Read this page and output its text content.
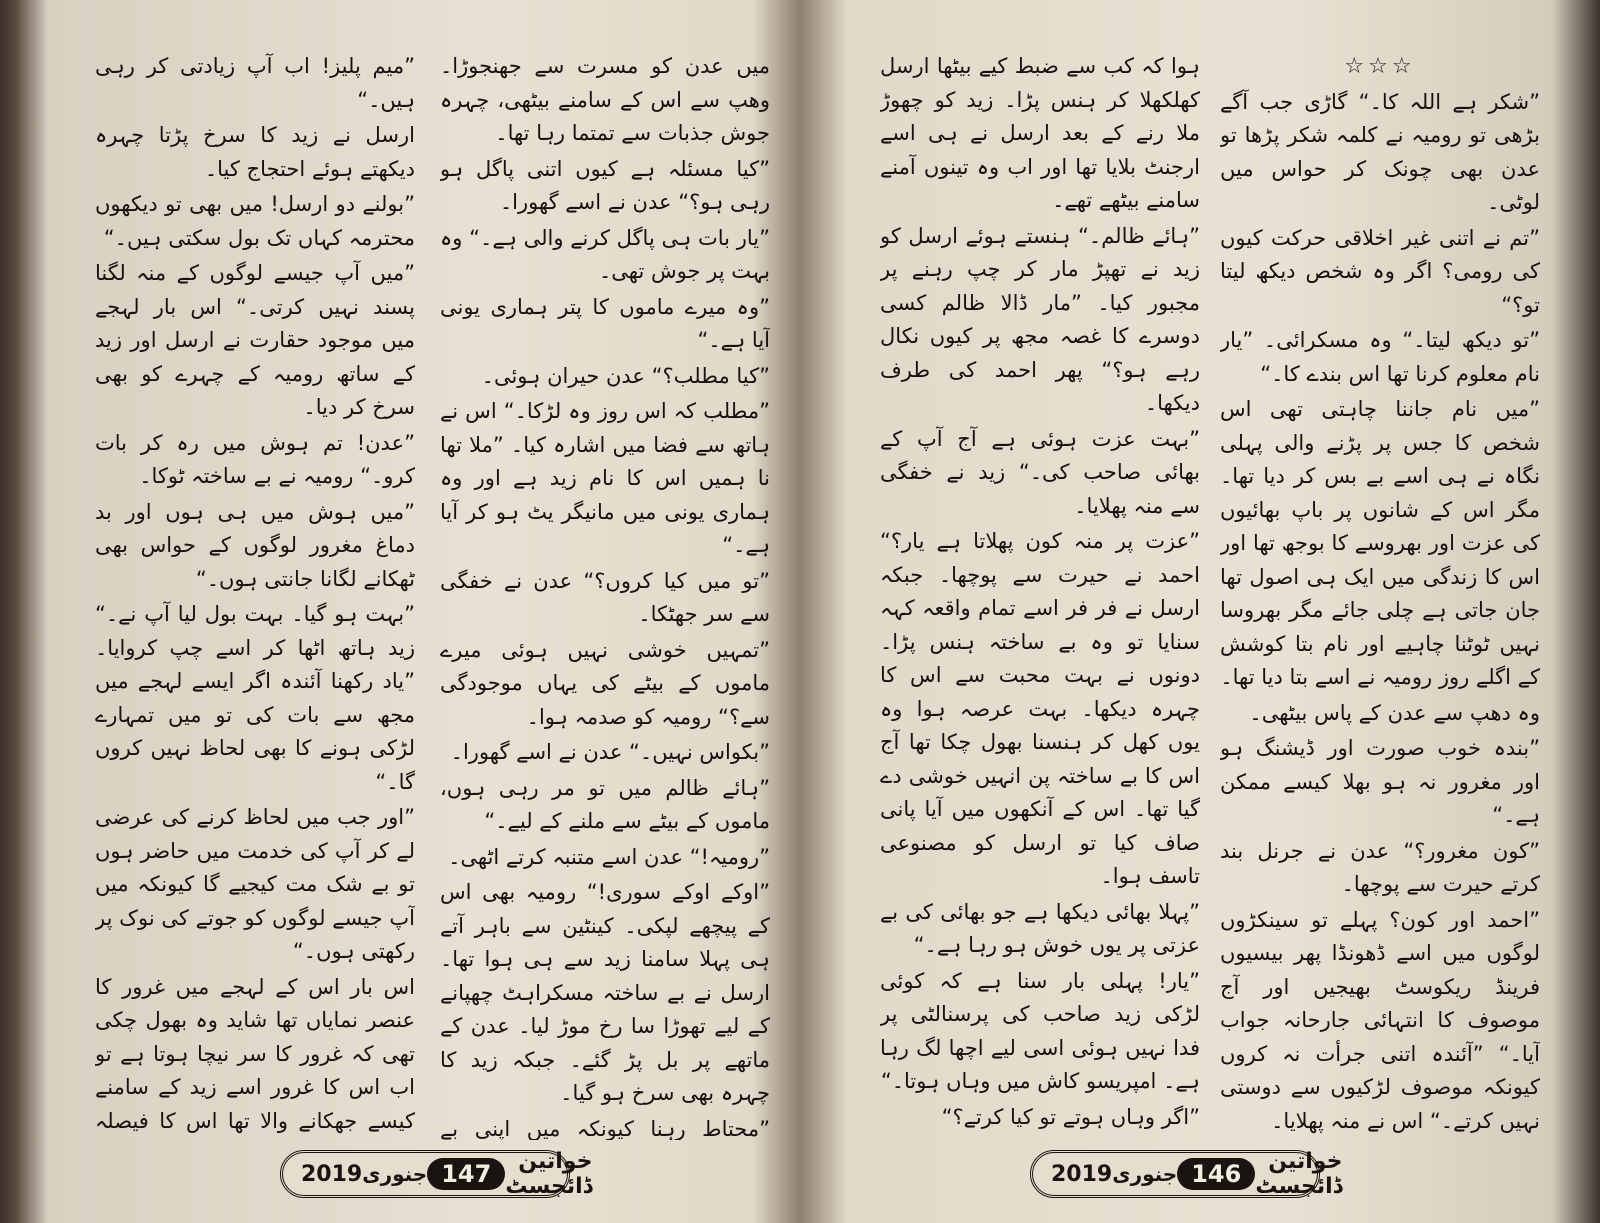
میں عدن کو مسرت سے جھنجوڑا۔ وھپ سے اس کے سامنے بیٹھی، چہرہ جوش جذبات سے تمتما رہا تھا۔

”کیا مسئلہ ہے کیوں اتنی پاگل ہو رہی ہو؟“ عدن نے اسے گھورا۔

”یار بات ہی پاگل کرنے والی ہے۔“ وہ بہت پر جوش تھی۔

”وہ میرے ماموں کا پتر ہماری یونی آیا ہے۔“

”کیا مطلب؟“ عدن حیران ہوئی۔

”مطلب کہ اس روز وہ لڑکا۔“ اس نے ہاتھ سے فضا میں اشارہ کیا۔ ”ملا تھا نا ہمیں اس کا نام زید ہے اور وہ ہماری یونی میں مانیگر یٹ ہو کر آیا ہے۔“

”تو میں کیا کروں؟“ عدن نے خفگی سے سر جھٹکا۔

”تمہیں خوشی نہیں ہوئی میرے ماموں کے بیٹے کی یہاں موجودگی سے؟“ رومیہ کو صدمہ ہوا۔

”بکواس نہیں۔“ عدن نے اسے گھورا۔

”ہائے ظالم میں تو مر رہی ہوں، ماموں کے بیٹے سے ملنے کے لیے۔“

”رومیہ!“ عدن اسے متنبہ کرتے اٹھی۔

”اوکے اوکے سوری!“ رومیہ بھی اس کے پیچھے لپکی۔ کینٹین سے باہر آتے ہی پہلا سامنا زید سے ہی ہوا تھا۔ ارسل نے بے ساختہ مسکراہٹ چھپانے کے لیے تھوڑا سا رخ موڑ لیا۔ عدن کے ماتھے پر بل پڑ گئے۔ جبکہ زید کا چہرہ بھی سرخ ہو گیا۔

”محتاط رہنا کیونکہ میں اپنی بے

”میم پلیز! اب آپ زیادتی کر رہی ہیں۔“

ارسل نے زید کا سرخ پڑتا چہرہ دیکھتے ہوئے احتجاج کیا۔

”بولنے دو ارسل! میں بھی تو دیکھوں محترمہ کہاں تک بول سکتی ہیں۔“

”میں آپ جیسے لوگوں کے منہ لگنا پسند نہیں کرتی۔“ اس بار لہجے میں موجود حقارت نے ارسل اور زید کے ساتھ رومیہ کے چہرے کو بھی سرخ کر دیا۔

”عدن! تم ہوش میں رہ کر بات کرو۔“ رومیہ نے بے ساختہ ٹوکا۔

”میں ہوش میں ہی ہوں اور بد دماغ مغرور لوگوں کے حواس بھی ٹھکانے لگانا جانتی ہوں۔“

”بہت ہو گیا۔ بہت بول لیا آپ نے۔“ زید ہاتھ اٹھا کر اسے چپ کروایا۔ ”یاد رکھنا آئندہ اگر ایسے لہجے میں مجھ سے بات کی تو میں تمہارے لڑکی ہونے کا بھی لحاظ نہیں کروں گا۔“

”اور جب میں لحاظ کرنے کی عرضی لے کر آپ کی خدمت میں حاضر ہوں تو بے شک مت کیجیے گا کیونکہ میں آپ جیسے لوگوں کو جوتے کی نوک پر رکھتی ہوں۔“

اس بار اس کے لہجے میں غرور کا عنصر نمایاں تھا شاید وہ بھول چکی تھی کہ غرور کا سر نیچا ہوتا ہے تو اب اس کا غرور اسے زید کے سامنے کیسے جھکانے والا تھا اس کا فیصلہ

2019 جنوری 147	خواتین ڈائجسٹ

☆☆☆

”شکر ہے اللہ کا۔“ گاڑی جب آگے بڑھی تو رومیہ نے کلمہ شکر پڑھا تو عدن بھی چونک کر حواس میں لوٹی۔

”تم نے اتنی غیر اخلاقی حرکت کیوں کی رومی؟ اگر وہ شخص دیکھ لیتا تو؟“

”تو دیکھ لیتا۔“ وہ مسکرائی۔ ”یار نام معلوم کرنا تھا اس بندے کا۔“

”میں نام جاننا چاہتی تھی اس شخص کا جس پر پڑنے والی پہلی نگاہ نے ہی اسے بے بس کر دیا تھا۔ مگر اس کے شانوں پر باپ بھائیوں کی عزت اور بھروسے کا بوجھ تھا اور اس کا زندگی میں ایک ہی اصول تھا جان جاتی ہے چلی جائے مگر بھروسا نہیں ٹوٹنا چاہیے اور نام بتا کوشش کے اگلے روز رومیہ نے اسے بتا دیا تھا۔

وہ دھپ سے عدن کے پاس بیٹھی۔

”بندہ خوب صورت اور ڈیشنگ ہو اور مغرور نہ ہو بھلا کیسے ممکن ہے۔“

”کون مغرور؟“ عدن نے جرنل بند کرتے حیرت سے پوچھا۔

”احمد اور کون؟ پہلے تو سینکڑوں لوگوں میں اسے ڈھونڈا پھر بیسیوں فرینڈ ریکوسٹ بھیجیں اور آج موصوف کا انتہائی جارحانہ جواب آیا۔“ ”آئندہ اتنی جرأت نہ کروں کیونکہ موصوف لڑکیوں سے دوستی نہیں کرتے۔“ اس نے منہ پھلایا۔

ہوا کہ کب سے ضبط کیے بیٹھا ارسل کھلکھلا کر ہنس پڑا۔ زید کو چھوڑ ملا رنے کے بعد ارسل نے ہی اسے ارجنٹ بلایا تھا اور اب وہ تینوں آمنے سامنے بیٹھے تھے۔

”ہائے ظالم۔“ ہنستے ہوئے ارسل کو زید نے تھپڑ مار کر چپ رہنے پر مجبور کیا۔ ”مار ڈالا ظالم کسی دوسرے کا غصہ مجھ پر کیوں نکال رہے ہو؟“ پھر احمد کی طرف دیکھا۔

”بہت عزت ہوئی ہے آج آپ کے بھائی صاحب کی۔“ زید نے خفگی سے منہ پھلایا۔

”عزت پر منہ کون پھلاتا ہے یار؟“ احمد نے حیرت سے پوچھا۔ جبکہ ارسل نے فر فر اسے تمام واقعہ کہہ سنایا تو وہ بے ساختہ ہنس پڑا۔ دونوں نے بہت محبت سے اس کا چہرہ دیکھا۔ بہت عرصہ ہوا وہ یوں کھل کر ہنسنا بھول چکا تھا آج اس کا بے ساختہ پن انہیں خوشی دے گیا تھا۔ اس کے آنکھوں میں آیا پانی صاف کیا تو ارسل کو مصنوعی تاسف ہوا۔

”پہلا بھائی دیکھا ہے جو بھائی کی بے عزتی پر یوں خوش ہو رہا ہے۔“

”یار! پہلی بار سنا ہے کہ کوئی لڑکی زید صاحب کی پرسنالٹی پر فدا نہیں ہوئی اسی لیے اچھا لگ رہا ہے۔ امپریسو کاش میں وہاں ہوتا۔“

”اگر وہاں ہوتے تو کیا کرتے؟“

2019 جنوری 146	خواتین ڈائجسٹ
